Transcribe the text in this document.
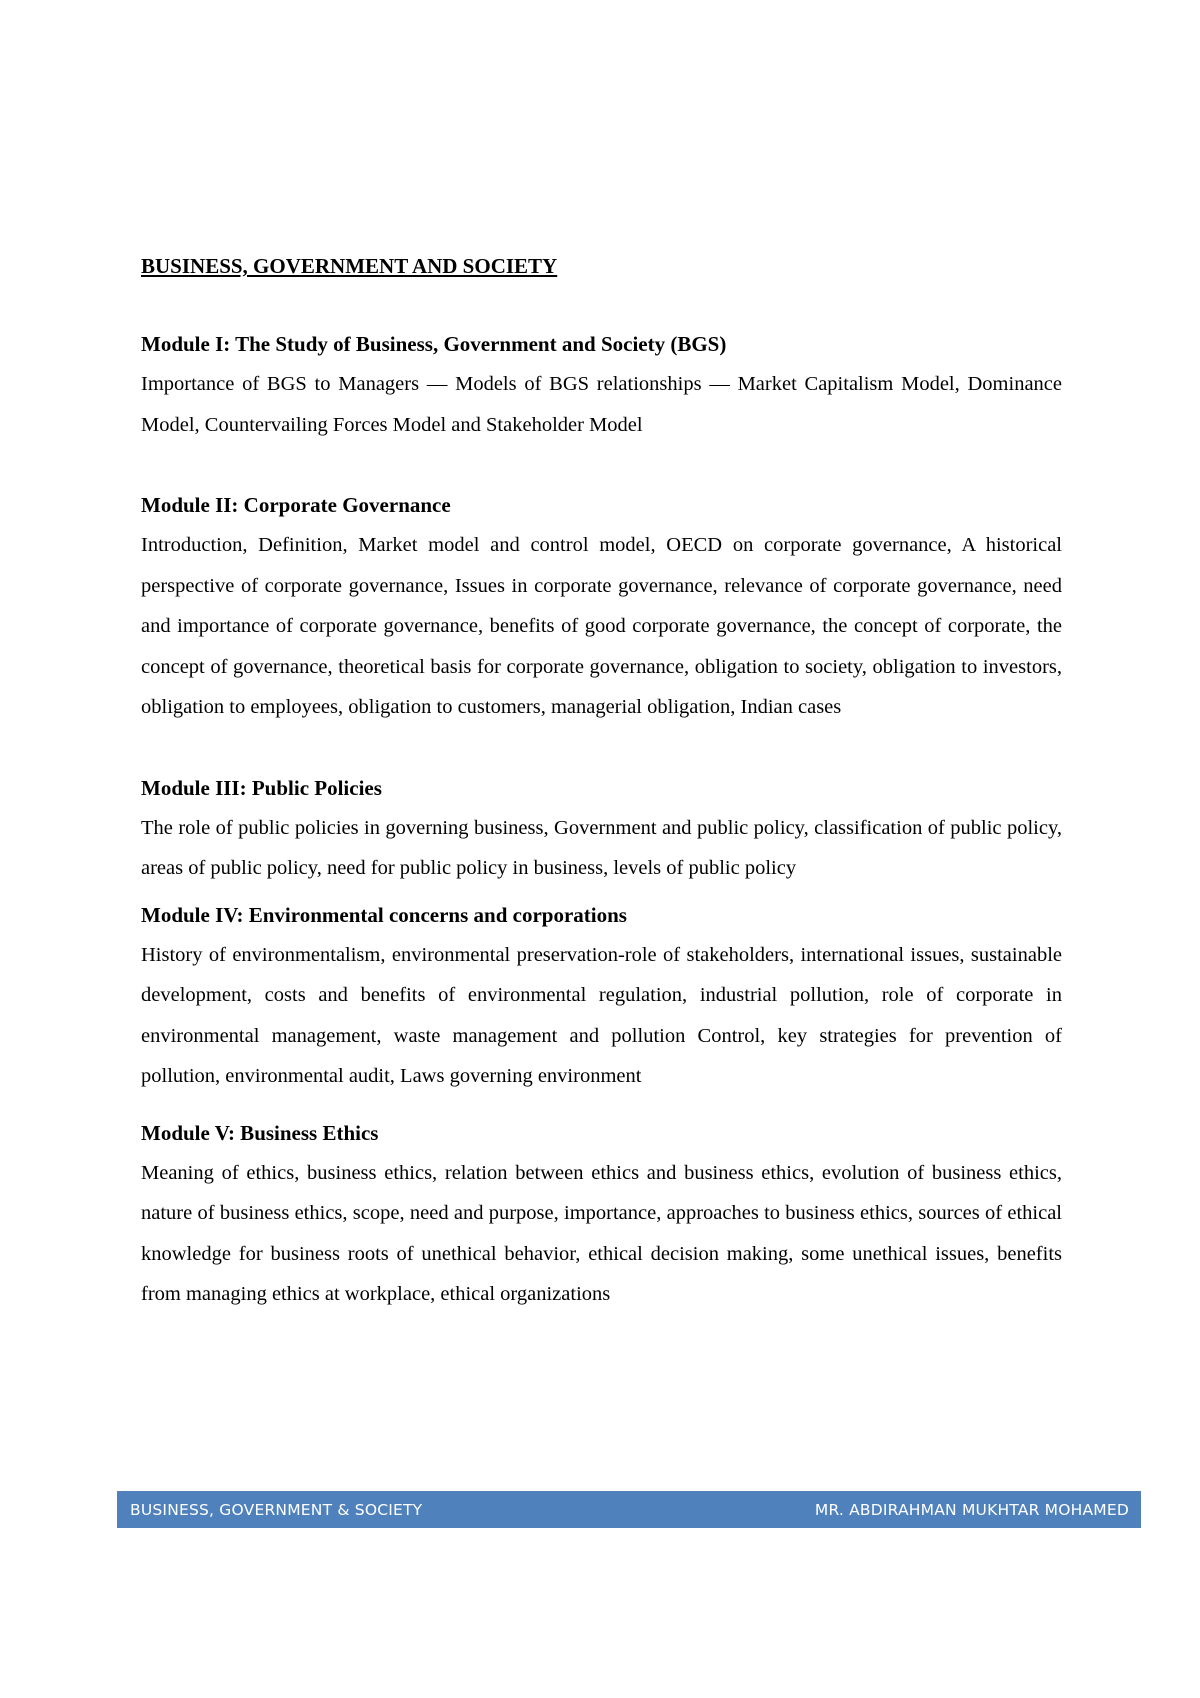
BUSINESS, GOVERNMENT AND SOCIETY
Module I: The Study of Business, Government and Society (BGS)

Importance of BGS to Managers — Models of BGS relationships — Market Capitalism Model, Dominance Model, Countervailing Forces Model and Stakeholder Model

Module II: Corporate Governance

Introduction, Definition, Market model and control model, OECD on corporate governance, A historical perspective of corporate governance, Issues in corporate governance, relevance of corporate governance, need and importance of corporate governance, benefits of good corporate governance, the concept of corporate, the concept of governance, theoretical basis for corporate governance, obligation to society, obligation to investors, obligation to employees, obligation to customers, managerial obligation, Indian cases

Module III: Public Policies

The role of public policies in governing business, Government and public policy, classification of public policy, areas of public policy, need for public policy in business, levels of public policy

Module IV: Environmental concerns and corporations

History of environmentalism, environmental preservation-role of stakeholders, international issues, sustainable development, costs and benefits of environmental regulation, industrial pollution, role of corporate in environmental management, waste management and pollution Control, key strategies for prevention of pollution, environmental audit, Laws governing environment

Module V: Business Ethics

Meaning of ethics, business ethics, relation between ethics and business ethics, evolution of business ethics, nature of business ethics, scope, need and purpose, importance, approaches to business ethics, sources of ethical knowledge for business roots of unethical behavior, ethical decision making, some unethical issues, benefits from managing ethics at workplace, ethical organizations

BUSINESS, GOVERNMENT & SOCIETY	MR. ABDIRAHMAN MUKHTAR MOHAMED
